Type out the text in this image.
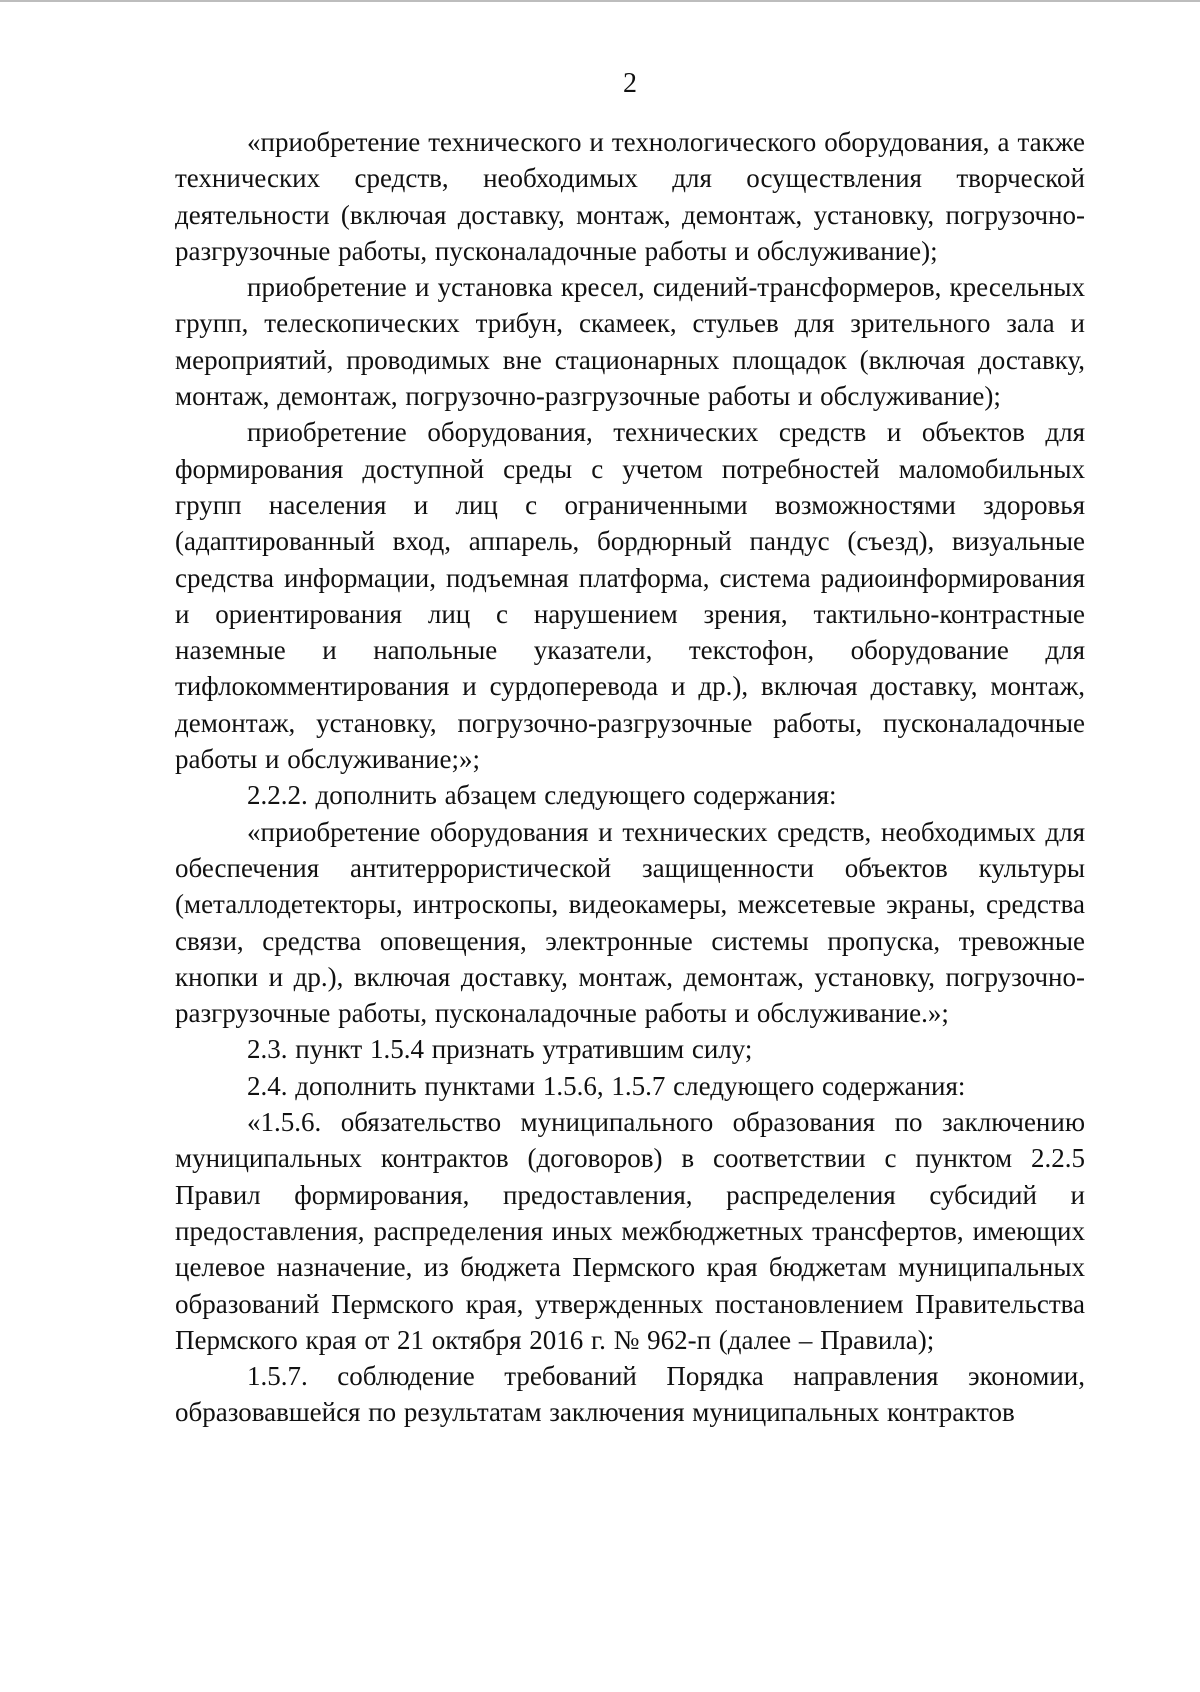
2

«приобретение технического и технологического оборудования, а также технических средств, необходимых для осуществления творческой деятельности (включая доставку, монтаж, демонтаж, установку, погрузочно-разгрузочные работы, пусконаладочные работы и обслуживание);

приобретение и установка кресел, сидений-трансформеров, кресельных групп, телескопических трибун, скамеек, стульев для зрительного зала и мероприятий, проводимых вне стационарных площадок (включая доставку, монтаж, демонтаж, погрузочно-разгрузочные работы и обслуживание);

приобретение оборудования, технических средств и объектов для формирования доступной среды с учетом потребностей маломобильных групп населения и лиц с ограниченными возможностями здоровья (адаптированный вход, аппарель, бордюрный пандус (съезд), визуальные средства информации, подъемная платформа, система радиоинформирования и ориентирования лиц с нарушением зрения, тактильно-контрастные наземные и напольные указатели, текстофон, оборудование для тифлокомментирования и сурдоперевода и др.), включая доставку, монтаж, демонтаж, установку, погрузочно-разгрузочные работы, пусконаладочные работы и обслуживание;»;

2.2.2. дополнить абзацем следующего содержания:

«приобретение оборудования и технических средств, необходимых для обеспечения антитеррористической защищенности объектов культуры (металлодетекторы, интроскопы, видеокамеры, межсетевые экраны, средства связи, средства оповещения, электронные системы пропуска, тревожные кнопки и др.), включая доставку, монтаж, демонтаж, установку, погрузочно-разгрузочные работы, пусконаладочные работы и обслуживание.»;

2.3. пункт 1.5.4 признать утратившим силу;

2.4. дополнить пунктами 1.5.6, 1.5.7 следующего содержания:

«1.5.6. обязательство муниципального образования по заключению муниципальных контрактов (договоров) в соответствии с пунктом 2.2.5 Правил формирования, предоставления, распределения субсидий и предоставления, распределения иных межбюджетных трансфертов, имеющих целевое назначение, из бюджета Пермского края бюджетам муниципальных образований Пермского края, утвержденных постановлением Правительства Пермского края от 21 октября 2016 г. № 962-п (далее – Правила);

1.5.7. соблюдение требований Порядка направления экономии, образовавшейся по результатам заключения муниципальных контрактов
